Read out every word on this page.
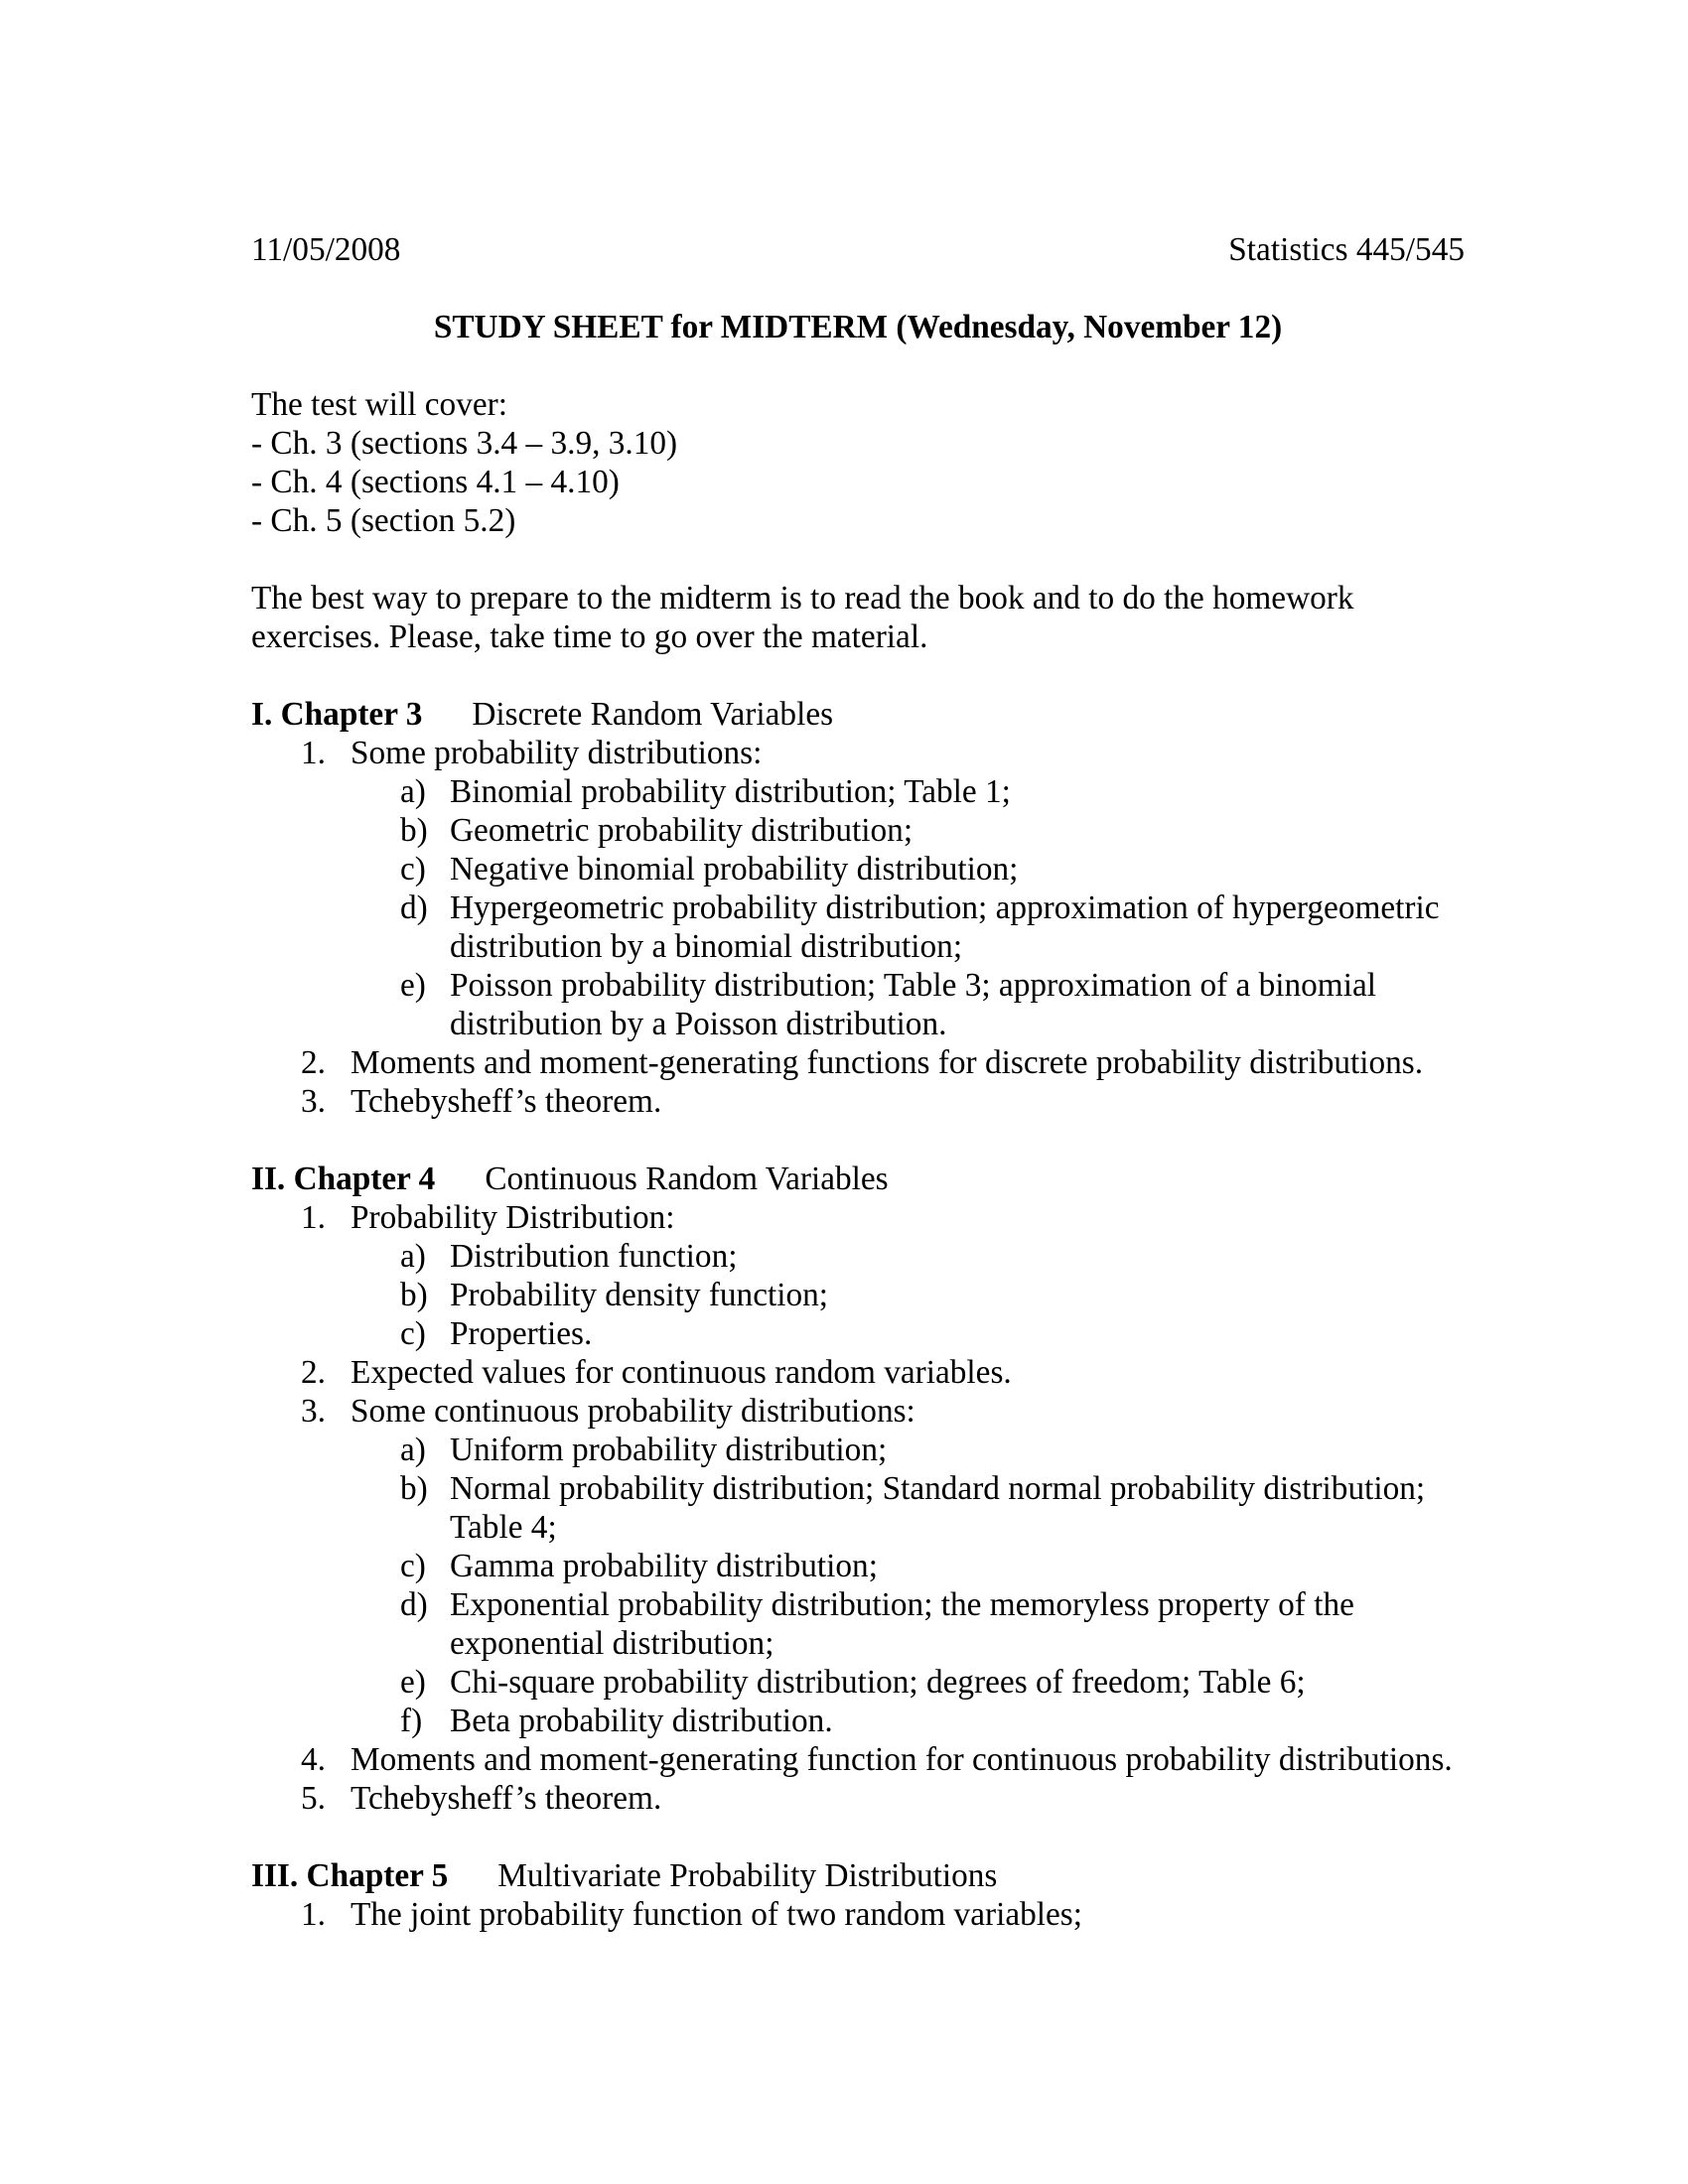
11/05/2008	Statistics 445/545
STUDY SHEET for MIDTERM (Wednesday, November 12)
The test will cover:
- Ch. 3 (sections 3.4 – 3.9, 3.10)
- Ch. 4 (sections 4.1 – 4.10)
- Ch. 5 (section 5.2)
The best way to prepare to the midterm is to read the book and to do the homework exercises. Please, take time to go over the material.
I. Chapter 3 Discrete Random Variables
1. Some probability distributions:
a) Binomial probability distribution; Table 1;
b) Geometric probability distribution;
c) Negative binomial probability distribution;
d) Hypergeometric probability distribution; approximation of hypergeometric distribution by a binomial distribution;
e) Poisson probability distribution; Table 3; approximation of a binomial distribution by a Poisson distribution.
2. Moments and moment-generating functions for discrete probability distributions.
3. Tchebysheff’s theorem.
II. Chapter 4 Continuous Random Variables
1. Probability Distribution:
a) Distribution function;
b) Probability density function;
c) Properties.
2. Expected values for continuous random variables.
3. Some continuous probability distributions:
a) Uniform probability distribution;
b) Normal probability distribution; Standard normal probability distribution; Table 4;
c) Gamma probability distribution;
d) Exponential probability distribution; the memoryless property of the exponential distribution;
e) Chi-square probability distribution; degrees of freedom; Table 6;
f) Beta probability distribution.
4. Moments and moment-generating function for continuous probability distributions.
5. Tchebysheff’s theorem.
III. Chapter 5 Multivariate Probability Distributions
1. The joint probability function of two random variables;
